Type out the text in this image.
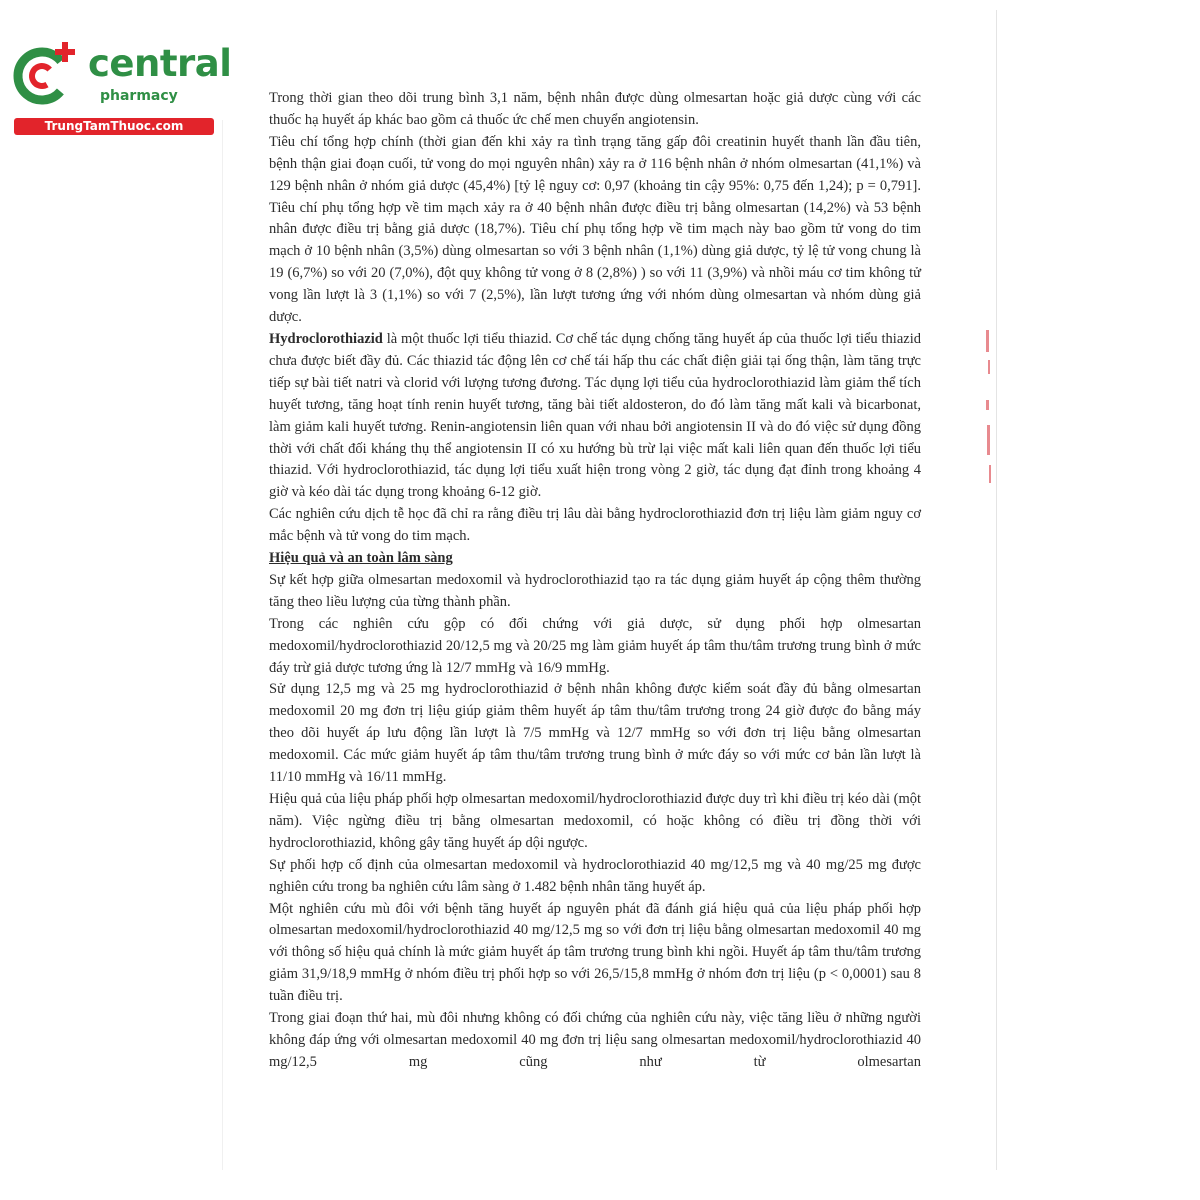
central
pharmacy
TrungTamThuoc.com

Trong thời gian theo dõi trung bình 3,1 năm, bệnh nhân được dùng olmesartan hoặc giả dược cùng với các thuốc hạ huyết áp khác bao gồm cả thuốc ức chế men chuyển angiotensin.

Tiêu chí tổng hợp chính (thời gian đến khi xảy ra tình trạng tăng gấp đôi creatinin huyết thanh lần đầu tiên, bệnh thận giai đoạn cuối, tử vong do mọi nguyên nhân) xảy ra ở 116 bệnh nhân ở nhóm olmesartan (41,1%) và 129 bệnh nhân ở nhóm giả dược (45,4%) [tỷ lệ nguy cơ: 0,97 (khoảng tin cậy 95%: 0,75 đến 1,24); p = 0,791]. Tiêu chí phụ tổng hợp về tim mạch xảy ra ở 40 bệnh nhân được điều trị bằng olmesartan (14,2%) và 53 bệnh nhân được điều trị bằng giả dược (18,7%). Tiêu chí phụ tổng hợp về tim mạch này bao gồm tử vong do tim mạch ở 10 bệnh nhân (3,5%) dùng olmesartan so với 3 bệnh nhân (1,1%) dùng giả dược, tỷ lệ tử vong chung là 19 (6,7%) so với 20 (7,0%), đột quỵ không tử vong ở 8 (2,8%) ) so với 11 (3,9%) và nhồi máu cơ tim không tử vong lần lượt là 3 (1,1%) so với 7 (2,5%), lần lượt tương ứng với nhóm dùng olmesartan và nhóm dùng giả dược.

Hydroclorothiazid là một thuốc lợi tiểu thiazid. Cơ chế tác dụng chống tăng huyết áp của thuốc lợi tiểu thiazid chưa được biết đầy đủ. Các thiazid tác động lên cơ chế tái hấp thu các chất điện giải tại ống thận, làm tăng trực tiếp sự bài tiết natri và clorid với lượng tương đương. Tác dụng lợi tiểu của hydroclorothiazid làm giảm thể tích huyết tương, tăng hoạt tính renin huyết tương, tăng bài tiết aldosteron, do đó làm tăng mất kali và bicarbonat, làm giảm kali huyết tương. Renin-angiotensin liên quan với nhau bởi angiotensin II và do đó việc sử dụng đồng thời với chất đối kháng thụ thể angiotensin II có xu hướng bù trừ lại việc mất kali liên quan đến thuốc lợi tiểu thiazid. Với hydroclorothiazid, tác dụng lợi tiểu xuất hiện trong vòng 2 giờ, tác dụng đạt đỉnh trong khoảng 4 giờ và kéo dài tác dụng trong khoảng 6-12 giờ.

Các nghiên cứu dịch tễ học đã chỉ ra rằng điều trị lâu dài bằng hydroclorothiazid đơn trị liệu làm giảm nguy cơ mắc bệnh và tử vong do tim mạch.

Hiệu quả và an toàn lâm sàng

Sự kết hợp giữa olmesartan medoxomil và hydroclorothiazid tạo ra tác dụng giảm huyết áp cộng thêm thường tăng theo liều lượng của từng thành phần.

Trong các nghiên cứu gộp có đối chứng với giả dược, sử dụng phối hợp olmesartan medoxomil/hydroclorothiazid 20/12,5 mg và 20/25 mg làm giảm huyết áp tâm thu/tâm trương trung bình ở mức đáy trừ giả dược tương ứng là 12/7 mmHg và 16/9 mmHg.

Sử dụng 12,5 mg và 25 mg hydroclorothiazid ở bệnh nhân không được kiểm soát đầy đủ bằng olmesartan medoxomil 20 mg đơn trị liệu giúp giảm thêm huyết áp tâm thu/tâm trương trong 24 giờ được đo bằng máy theo dõi huyết áp lưu động lần lượt là 7/5 mmHg và 12/7 mmHg so với đơn trị liệu bằng olmesartan medoxomil. Các mức giảm huyết áp tâm thu/tâm trương trung bình ở mức đáy so với mức cơ bản lần lượt là 11/10 mmHg và 16/11 mmHg.

Hiệu quả của liệu pháp phối hợp olmesartan medoxomil/hydroclorothiazid được duy trì khi điều trị kéo dài (một năm). Việc ngừng điều trị bằng olmesartan medoxomil, có hoặc không có điều trị đồng thời với hydroclorothiazid, không gây tăng huyết áp dội ngược.

Sự phối hợp cố định của olmesartan medoxomil và hydroclorothiazid 40 mg/12,5 mg và 40 mg/25 mg được nghiên cứu trong ba nghiên cứu lâm sàng ở 1.482 bệnh nhân tăng huyết áp.

Một nghiên cứu mù đôi với bệnh tăng huyết áp nguyên phát đã đánh giá hiệu quả của liệu pháp phối hợp olmesartan medoxomil/hydroclorothiazid 40 mg/12,5 mg so với đơn trị liệu bằng olmesartan medoxomil 40 mg với thông số hiệu quả chính là mức giảm huyết áp tâm trương trung bình khi ngồi. Huyết áp tâm thu/tâm trương giảm 31,9/18,9 mmHg ở nhóm điều trị phối hợp so với 26,5/15,8 mmHg ở nhóm đơn trị liệu (p < 0,0001) sau 8 tuần điều trị.

Trong giai đoạn thứ hai, mù đôi nhưng không có đối chứng của nghiên cứu này, việc tăng liều ở những người không đáp ứng với olmesartan medoxomil 40 mg đơn trị liệu sang olmesartan medoxomil/hydroclorothiazid 40 mg/12,5 mg cũng như từ olmesartan
